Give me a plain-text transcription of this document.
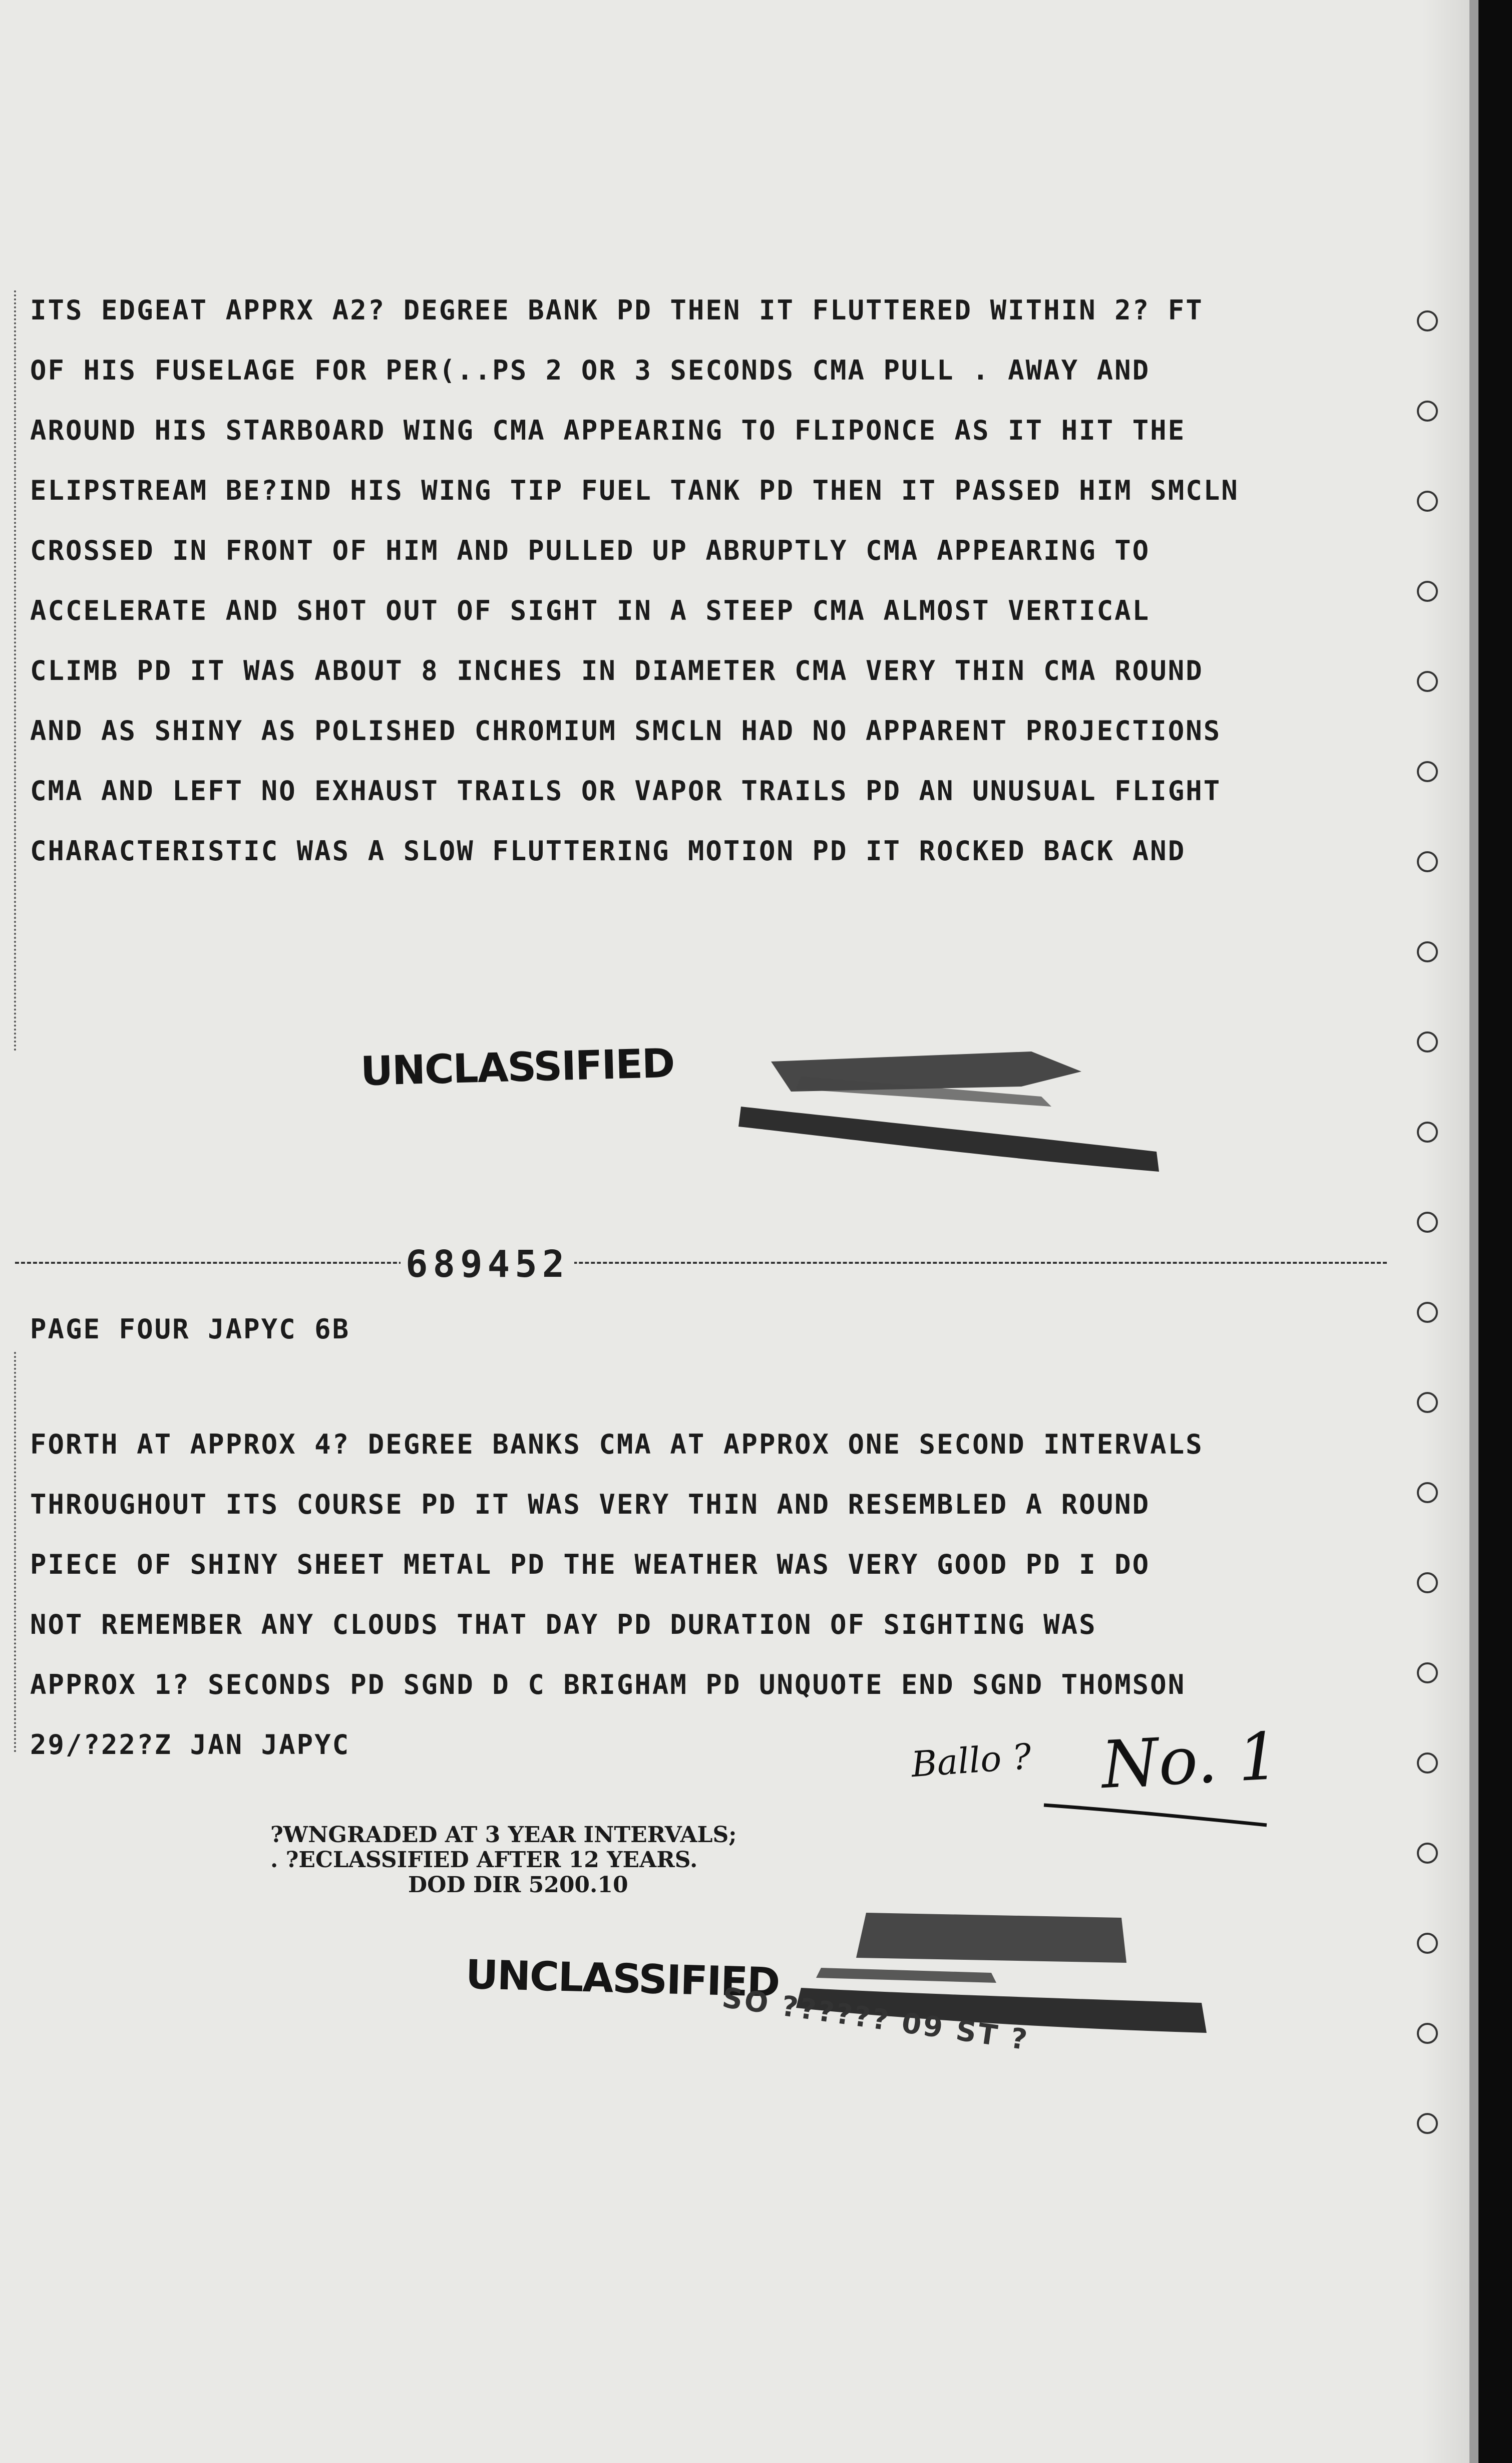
ITS EDGEAT APPRX A2? DEGREE BANK PD THEN IT FLUTTERED WITHIN 2? FT
OF HIS FUSELAGE FOR PER(..PS 2 OR 3 SECONDS CMA PULL . AWAY AND
AROUND HIS STARBOARD WING CMA APPEARING TO FLIPONCE AS IT HIT THE
ELIPSTREAM BE?IND HIS WING TIP FUEL TANK PD THEN IT PASSED HIM SMCLN
CROSSED IN FRONT OF HIM AND PULLED UP ABRUPTLY CMA APPEARING TO
ACCELERATE AND SHOT OUT OF SIGHT IN A STEEP CMA ALMOST VERTICAL
CLIMB PD IT WAS ABOUT 8 INCHES IN DIAMETER CMA VERY THIN CMA ROUND
AND AS SHINY AS POLISHED CHROMIUM SMCLN HAD NO APPARENT PROJECTIONS
CMA AND LEFT NO EXHAUST TRAILS OR VAPOR TRAILS PD AN UNUSUAL FLIGHT
CHARACTERISTIC WAS A SLOW FLUTTERING MOTION PD IT ROCKED BACK AND
UNCLASSIFIED
689452
PAGE FOUR JAPYC 6B
FORTH AT APPROX 4? DEGREE BANKS CMA AT APPROX ONE SECOND INTERVALS
THROUGHOUT ITS COURSE PD IT WAS VERY THIN AND RESEMBLED A ROUND
PIECE OF SHINY SHEET METAL PD THE WEATHER WAS VERY GOOD PD I DO
NOT REMEMBER ANY CLOUDS THAT DAY PD DURATION OF SIGHTING WAS
APPROX 1? SECONDS PD SGND D C BRIGHAM PD UNQUOTE END SGND THOMSON
29/?22?Z JAN JAPYC	Ballo ? No. 1
?WNGRADED AT 3 YEAR INTERVALS;
. ?ECLASSIFIED AFTER 12 YEARS.
DOD DIR 5200.10
UNCLASSIFIED
SO ?????? 09 ST ?
